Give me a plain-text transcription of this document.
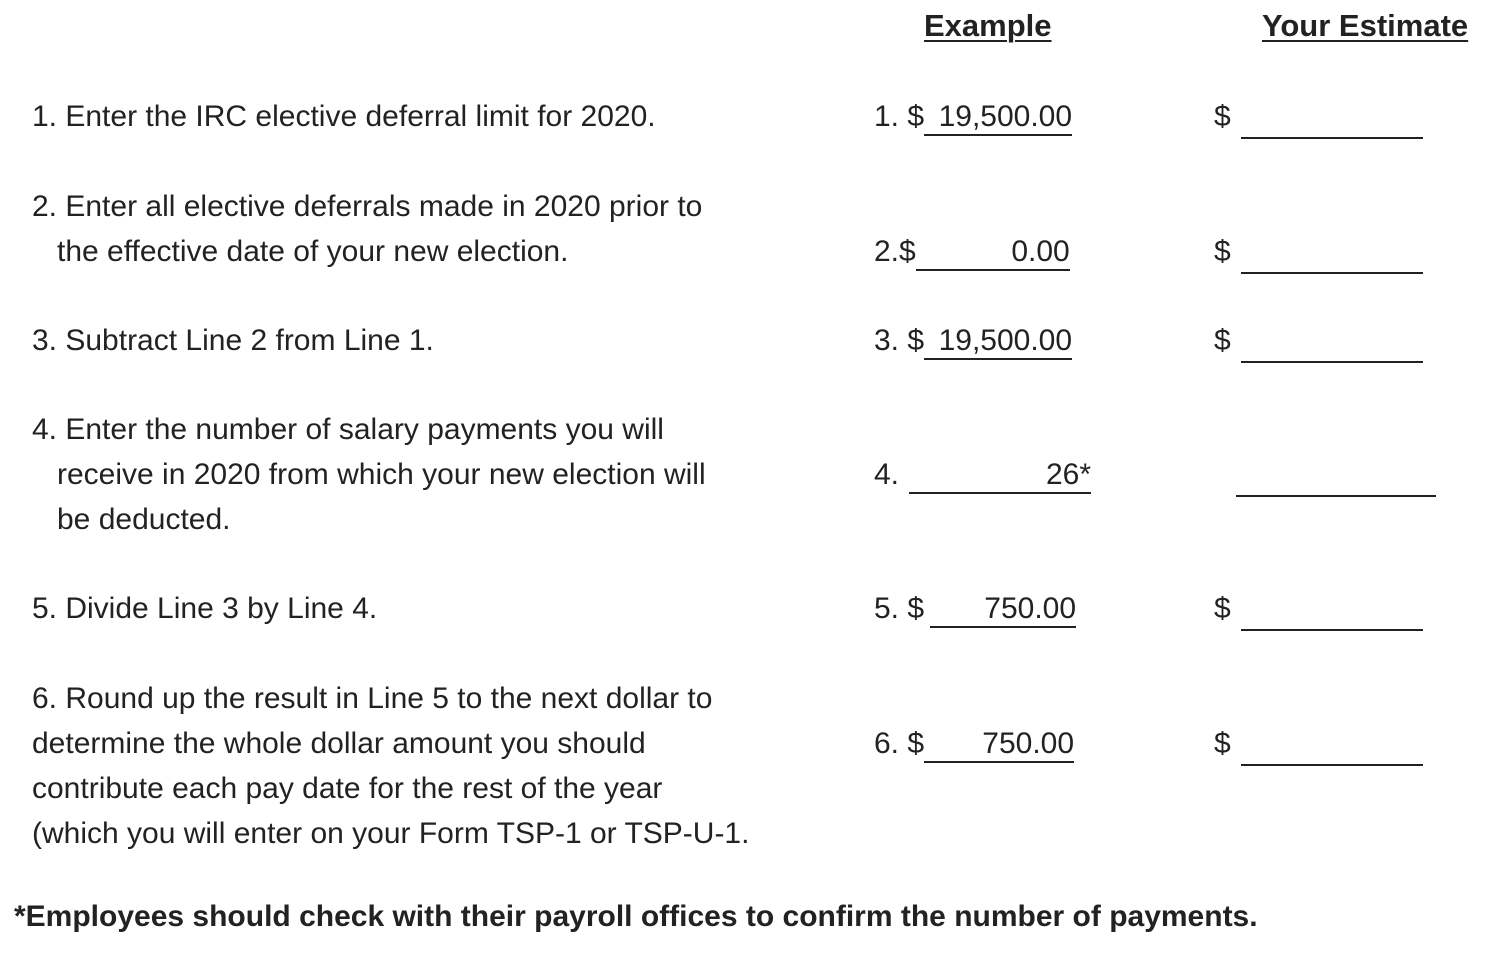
Example	Your Estimate
1. Enter the IRC elective deferral limit for 2020.	1. $ 19,500.00	$
2. Enter all elective deferrals made in 2020 prior to
the effective date of your new election.	2.$	0.00	$
3. Subtract Line 2 from Line 1.	3. $ 19,500.00	$
4. Enter the number of salary payments you will
receive in 2020 from which your new election will
be deducted.
4.	26*
5. Divide Line 3 by Line 4.	5. $ 750.00	$
6. Round up the result in Line 5 to the next dollar to
determine the whole dollar amount you should
contribute each pay date for the rest of the year
(which you will enter on your Form TSP-1 or TSP-U-1.
6. $ 750.00	$
*Employees should check with their payroll offices to confirm the number of payments.
